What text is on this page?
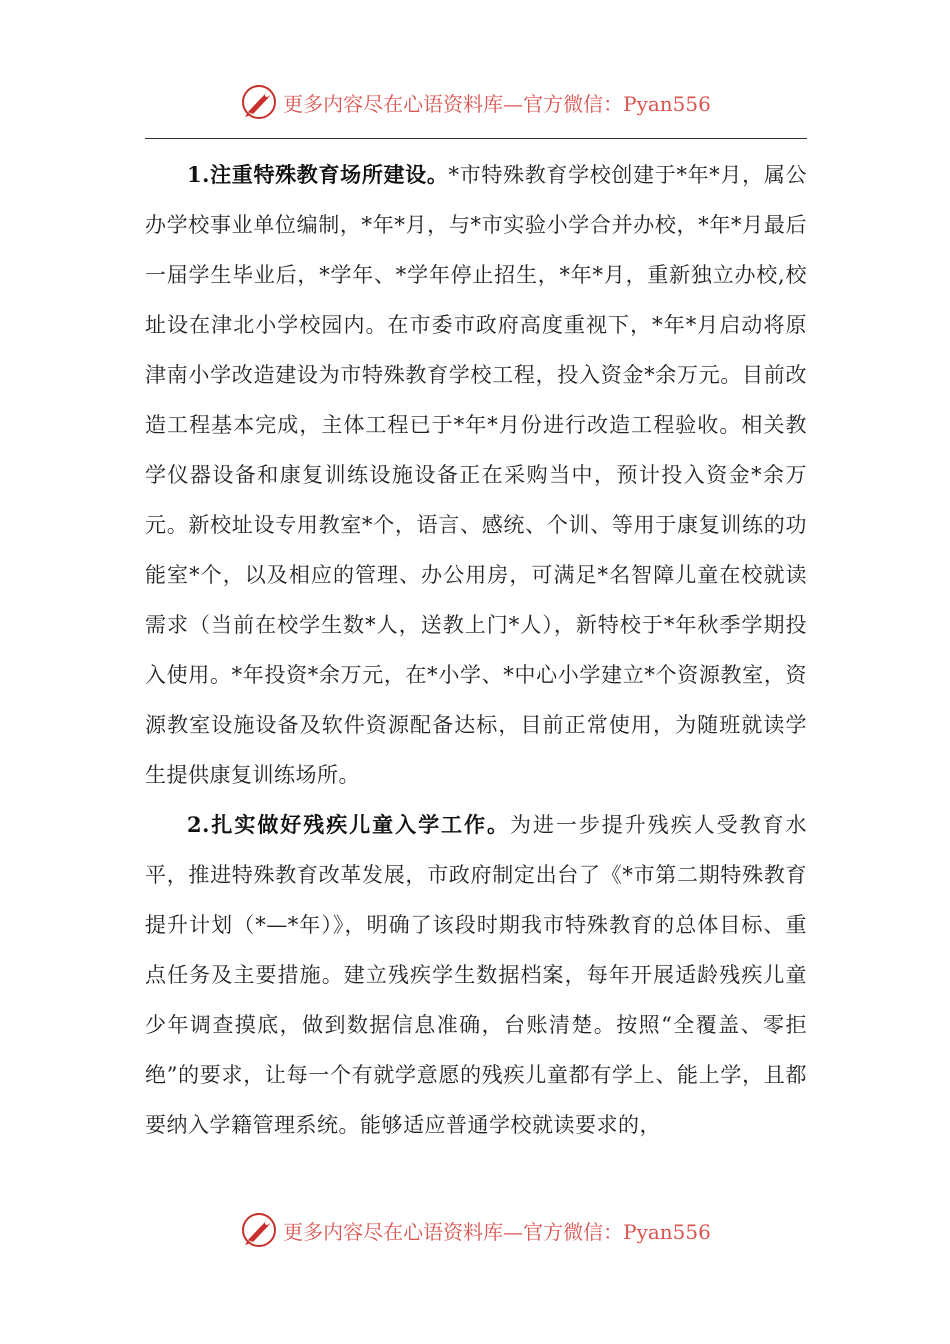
更多内容尽在心语资料库—官方微信：Pyan556

1.注重特殊教育场所建设。*市特殊教育学校创建于*年*月，属公办学校事业单位编制，*年*月，与*市实验小学合并办校，*年*月最后一届学生毕业后，*学年、*学年停止招生，*年*月，重新独立办校,校址设在津北小学校园内。在市委市政府高度重视下，*年*月启动将原津南小学改造建设为市特殊教育学校工程，投入资金*余万元。目前改造工程基本完成，主体工程已于*年*月份进行改造工程验收。相关教学仪器设备和康复训练设施设备正在采购当中，预计投入资金*余万元。新校址设专用教室*个，语言、感统、个训、等用于康复训练的功能室*个，以及相应的管理、办公用房，可满足*名智障儿童在校就读需求（当前在校学生数*人，送教上门*人），新特校于*年秋季学期投入使用。*年投资*余万元，在*小学、*中心小学建立*个资源教室，资源教室设施设备及软件资源配备达标，目前正常使用，为随班就读学生提供康复训练场所。

2.扎实做好残疾儿童入学工作。为进一步提升残疾人受教育水平，推进特殊教育改革发展，市政府制定出台了《*市第二期特殊教育提升计划（*—*年）》，明确了该段时期我市特殊教育的总体目标、重点任务及主要措施。建立残疾学生数据档案，每年开展适龄残疾儿童少年调查摸底，做到数据信息准确，台账清楚。按照“全覆盖、零拒绝”的要求，让每一个有就学意愿的残疾儿童都有学上、能上学，且都要纳入学籍管理系统。能够适应普通学校就读要求的，

更多内容尽在心语资料库—官方微信：Pyan556
